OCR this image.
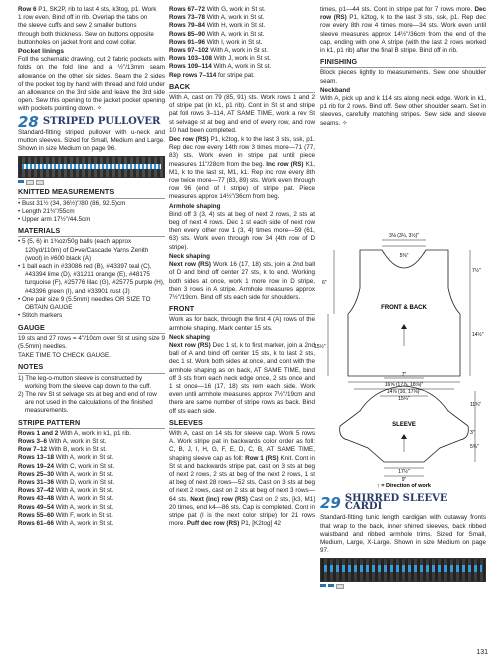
Row 6 P1, SK2P, rib to last 4 sts, k3tog, p1. Work
1 row even. Bind off in rib. Overlap the tabs on
the sleeve cuffs and sew 2 smaller buttons
through both thickness. Sew on buttons opposite
buttonholes on jacket front and cowl collar.
Pocket linings

Foll the schematic drawing, cut 2 fabric pockets with folds on the fold line and a ½"/13mm seam allowance on the other six sides. Seam the 2 sides of the pocket tog by hand with thread and fold under an allowance on the 3rd side and leave the 3rd side open. Sew this opening to the jacket pocket opening with pockets pointing down. ✧

28 STRIPED PULLOVER

Standard-fitting striped pullover with u-neck and mutton sleeves. Sized for Small, Medium and Large. Shown in size Medium on page 96.

KNITTED MEASUREMENTS
• Bust 31½ (34, 36½)"/80 (86, 92.5)cm
• Length 21¾"/55cm
• Upper arm 17½"/44.5cm
MATERIALS
• 5 (5, 6) in 1¾oz/50g balls (each approx 120yd/110m) of Di•ve/Cascade Yarns Zenith (wool) in #600 black (A)
• 1 ball each in #33086 red (B), #43397 teal (C), #43394 lime (D), #31211 orange (E), #48175 turquoise (F), #25776 lilac (G), #25775 purple (H), #43396 green (I), and #33901 rust (J)
• One pair size 9 (5.5mm) needles OR SIZE TO OBTAIN GAUGE
• Stitch markers
GAUGE

19 sts and 27 rows = 4"/10cm over St st using size 9 (5.5mm) needles.

TAKE TIME TO CHECK GAUGE.

NOTES
1) The leg-o-mutton sleeve is constructed by working from the sleeve cap down to the cuff.
2) The rev St st selvage sts at beg and end of row are not used in the calculations of the finished measurements.
STRIPE PATTERN
Rows 1 and 2 With A, work in k1, p1 rib.
Rows 3–6 With A, work in St st.
Row 7–12 With B, work in St st.
Rows 13–18 With A, work in St st.
Rows 19–24 With C, work in St st.
Rows 25–30 With A, work in St st.
Rows 31–36 With D, work in St st.
Rows 37–42 With A, work in St st.
Rows 43–48 With A, work in St st.
Rows 49–54 With A, work in St st.
Rows 55–60 With F, work in St st.
Rows 61–66 With A, work in St st.
Rows 67–72 With G, work in St st.
Rows 73–78 With A, work in St st.
Rows 79–84 With H, work in St st.
Rows 85–90 With A, work in St st.
Rows 91–96 With I, work in St st.
Rows 97–102 With A, work in St st.
Rows 103–108 With J, work in St st.
Rows 109–114 With A, work in St st.
Rep rows 7–114 for stripe pat.
BACK

With A, cast on 79 (85, 91) sts. Work rows 1 and 2 of stripe pat (in k1, p1 rib). Cont in St st and stripe pat foll rows 3–114, AT SAME TIME, work a rev St st selvage st at beg and end of every row, and row 10 had been completed.

Dec row (RS) P1, k2tog, k to the last 3 sts, ssk, p1. Rep dec row every 14th row 3 times more—71 (77, 83) sts. Work even in stripe pat until piece measures 11"/28cm from the beg. Inc row (RS) K1, M1, k to the last st, M1, k1. Rep inc row every 8th row twice more—77 (83, 89) sts. Work even through row 96 (end of I stripe) of stripe pat. Piece measures approx 14½"/36cm from beg.

Armhole shaping

Bind off 3 (3, 4) sts at beg of next 2 rows, 2 sts at beg of next 4 rows. Dec 1 st each side of next row then every other row 1 (3, 4) times more—59 (61, 63) sts. Work even through row 34 (4th row of D stripe).

Neck shaping

Next row (RS) Work 16 (17, 18) sts, join a 2nd ball of D and bind off center 27 sts, k to end. Working both sides at once, work 1 more row in D stripe, then 3 rows in A stripe. Armhole measures approx 7½"/19cm. Bind off sts each side for shoulders.

FRONT

Work as for back, through the first 4 (A) rows of the armhole shaping. Mark center 15 sts.

Neck shaping

Next row (RS) Dec 1 st, k to first marker, join a 2nd ball of A and bind off center 15 sts, k to last 2 sts, dec 1 st. Work both sides at once, and cont with the armhole shaping as on back, AT SAME TIME, bind off 3 sts from each neck edge once, 2 sts once and 1 st once—16 (17, 18) sts rem each side. Work even until armhole measures approx 7½"/19cm and there are same number of stripe rows as back. Bind off sts each side.

SLEEVES

With A, cast on 14 sts for sleeve cap. Work 5 rows A. Work stripe pat in backwards color order as foll: C, B, J, I, H, G, F, E, D, C, B, AT SAME TIME, shaping sleeve cap as foll: Row 1 (RS) Knit. Cont in St st and backwards stripe pat, cast on 3 sts at beg of next 2 rows, 2 sts at beg of the next 2 rows, 1 st at beg of next 28 rows—52 sts. Cast on 3 sts at beg of next 2 rows, cast on 2 sts at beg of next 3 rows—64 sts. Next (inc) row (RS) Cast on 2 sts, [k3, M1] 20 times, end k4—86 sts. Cap is completed. Cont in stripe pat (I is the next color stripe) for 21 rows more. Puff dec row (RS) P1, [K2tog] 42

times, p1—44 sts. Cont in stripe pat for 7 rows more. Dec row (RS) P1, k2tog, k to the last 3 sts, ssk, p1. Rep dec row every 8th row 4 times more—34 sts. Work even until sleeve measures approx 14½"/36cm from the end of the cap, ending with one A stripe (with the last 2 rows worked in k1, p1 rib) after the final B stripe. Bind off in rib.

FINISHING

Block pieces lightly to measurements. Sew one shoulder seam.

Neckband

With A, pick up and k 114 sts along neck edge. Work in k1, p1 rib for 2 rows. Bind off. Sew other shoulder seam. Set in sleeves, carefully matching stripes. Sew side and sleeve seams. ✧

FRONT & BACK
SLEEVE
3⅛ (3¼, 3½)"
5⅜"
6"
7½"
14½"
15½"
16⅝ (17⅞, 18⅞)"
14⅞ (16, 17⅛)"
15¼"
7"
11¾"
3"
5¾"
17½"
9"
↑ = Direction of work
29 SHIRRED SLEEVE CARDI

Standard-fitting tunic length cardigan with cutaway fronts that wrap to the back, inner shirred sleeves, back ribbed waistband and ribbed armhole trims. Sized for Small, Medium, Large, X-Large. Shown in size Medium on page 97.

131
